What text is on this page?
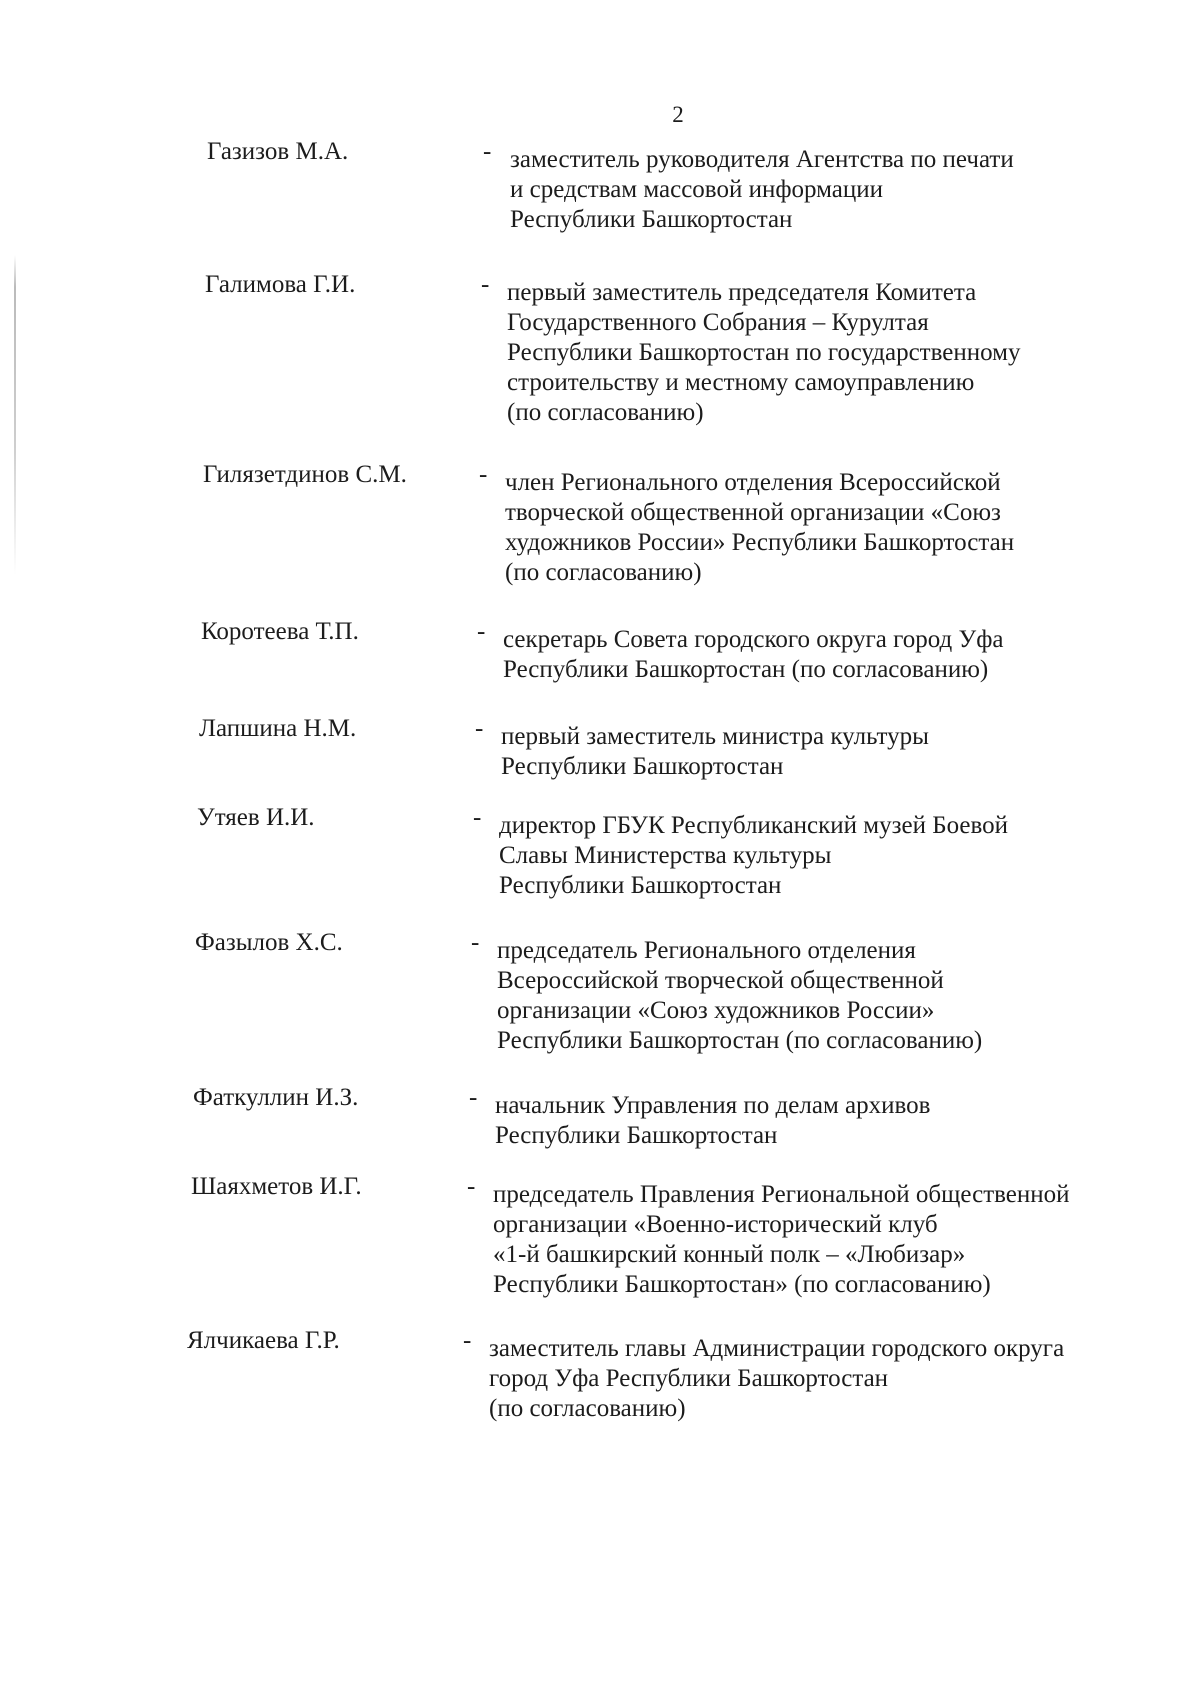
2
Газизов М.А.	- заместитель руководителя Агентства по печати
и средствам массовой информации
Республики Башкортостан
Галимова Г.И.	- первый заместитель председателя Комитета
Государственного Собрания – Курултая
Республики Башкортостан по государственному
строительству и местному самоуправлению
(по согласованию)
Гилязетдинов С.М.	- член Регионального отделения Всероссийской
творческой общественной организации «Союз
художников России» Республики Башкортостан
(по согласованию)
Коротеева Т.П.	- секретарь Совета городского округа город Уфа
Республики Башкортостан (по согласованию)
Лапшина Н.М.	- первый заместитель министра культуры
Республики Башкортостан
Утяев И.И.	- директор ГБУК Республиканский музей Боевой
Славы Министерства культуры
Республики Башкортостан
Фазылов Х.С.	- председатель Регионального отделения
Всероссийской творческой общественной
организации «Союз художников России»
Республики Башкортостан (по согласованию)
Фаткуллин И.З.	- начальник Управления по делам архивов
Республики Башкортостан
Шаяхметов И.Г.	- председатель Правления Региональной общественной
организации «Военно-исторический клуб
«1-й башкирский конный полк – «Любизар»
Республики Башкортостан» (по согласованию)
Ялчикаева Г.Р.	- заместитель главы Администрации городского округа
город Уфа Республики Башкортостан
(по согласованию)
